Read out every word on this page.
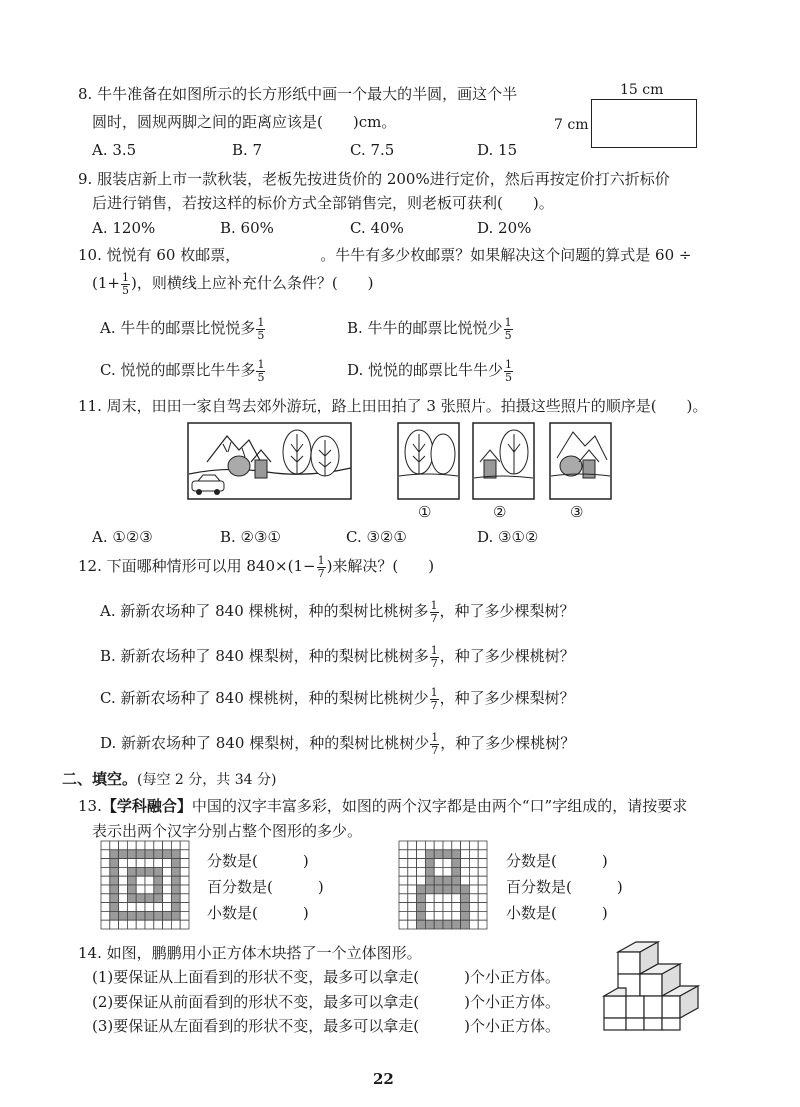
8. 牛牛准备在如图所示的长方形纸中画一个最大的半圆，画这个半
圆时，圆规两脚之间的距离应该是(　　)cm。
A. 3.5	B. 7	C. 7.5	D. 15
15 cm
7 cm
9. 服装店新上市一款秋装，老板先按进货价的 200%进行定价，然后再按定价打六折标价
后进行销售，若按这样的标价方式全部销售完，则老板可获利(　　)。
A. 120%	B. 60%	C. 40%	D. 20%
10. 悦悦有 60 枚邮票，	。牛牛有多少枚邮票？如果解决这个问题的算式是 60 ÷
($1+ \frac{1}{5}$ )，则横线上应补充什么条件？(　　)
A. 牛牛的邮票比悦悦多 $\frac{1}{5}$	B. 牛牛的邮票比悦悦少 $\frac{1}{5}$
C. 悦悦的邮票比牛牛多 $\frac{1}{5}$	D. 悦悦的邮票比牛牛少 $\frac{1}{5}$
11. 周末，田田一家自驾去郊外游玩，路上田田拍了 3 张照片。拍摄这些照片的顺序是(　　)。
①	②	③
A. ①②③	B. ②③①	C. ③②①	D. ③①②
12. 下面哪种情形可以用 $840\times(1- \frac{1}{7}$ )来解决？(　　)
A. 新新农场种了 840 棵桃树，种的梨树比桃树多 $\frac{1}{7}$ ，种了多少棵梨树？
B. 新新农场种了 840 棵梨树，种的梨树比桃树多 $\frac{1}{7}$ ，种了多少棵桃树？
C. 新新农场种了 840 棵桃树，种的梨树比桃树少 $\frac{1}{7}$ ，种了多少棵梨树？
D. 新新农场种了 840 棵梨树，种的梨树比桃树少 $\frac{1}{7}$ ，种了多少棵桃树？
二、填空。(每空 2 分，共 34 分)
13.【学科融合】中国的汉字丰富多彩，如图的两个汉字都是由两个“口”字组成的，请按要求
表示出两个汉字分别占整个图形的多少。
分数是(　　　)
百分数是(　　　)
小数是(　　　)
分数是(　　　)
百分数是(　　　)
小数是(　　　)
14. 如图，鹏鹏用小正方体木块搭了一个立体图形。
(1)要保证从上面看到的形状不变，最多可以拿走(　　　)个小正方体。
(2)要保证从前面看到的形状不变，最多可以拿走(　　　)个小正方体。
(3)要保证从左面看到的形状不变，最多可以拿走(　　　)个小正方体。
22
